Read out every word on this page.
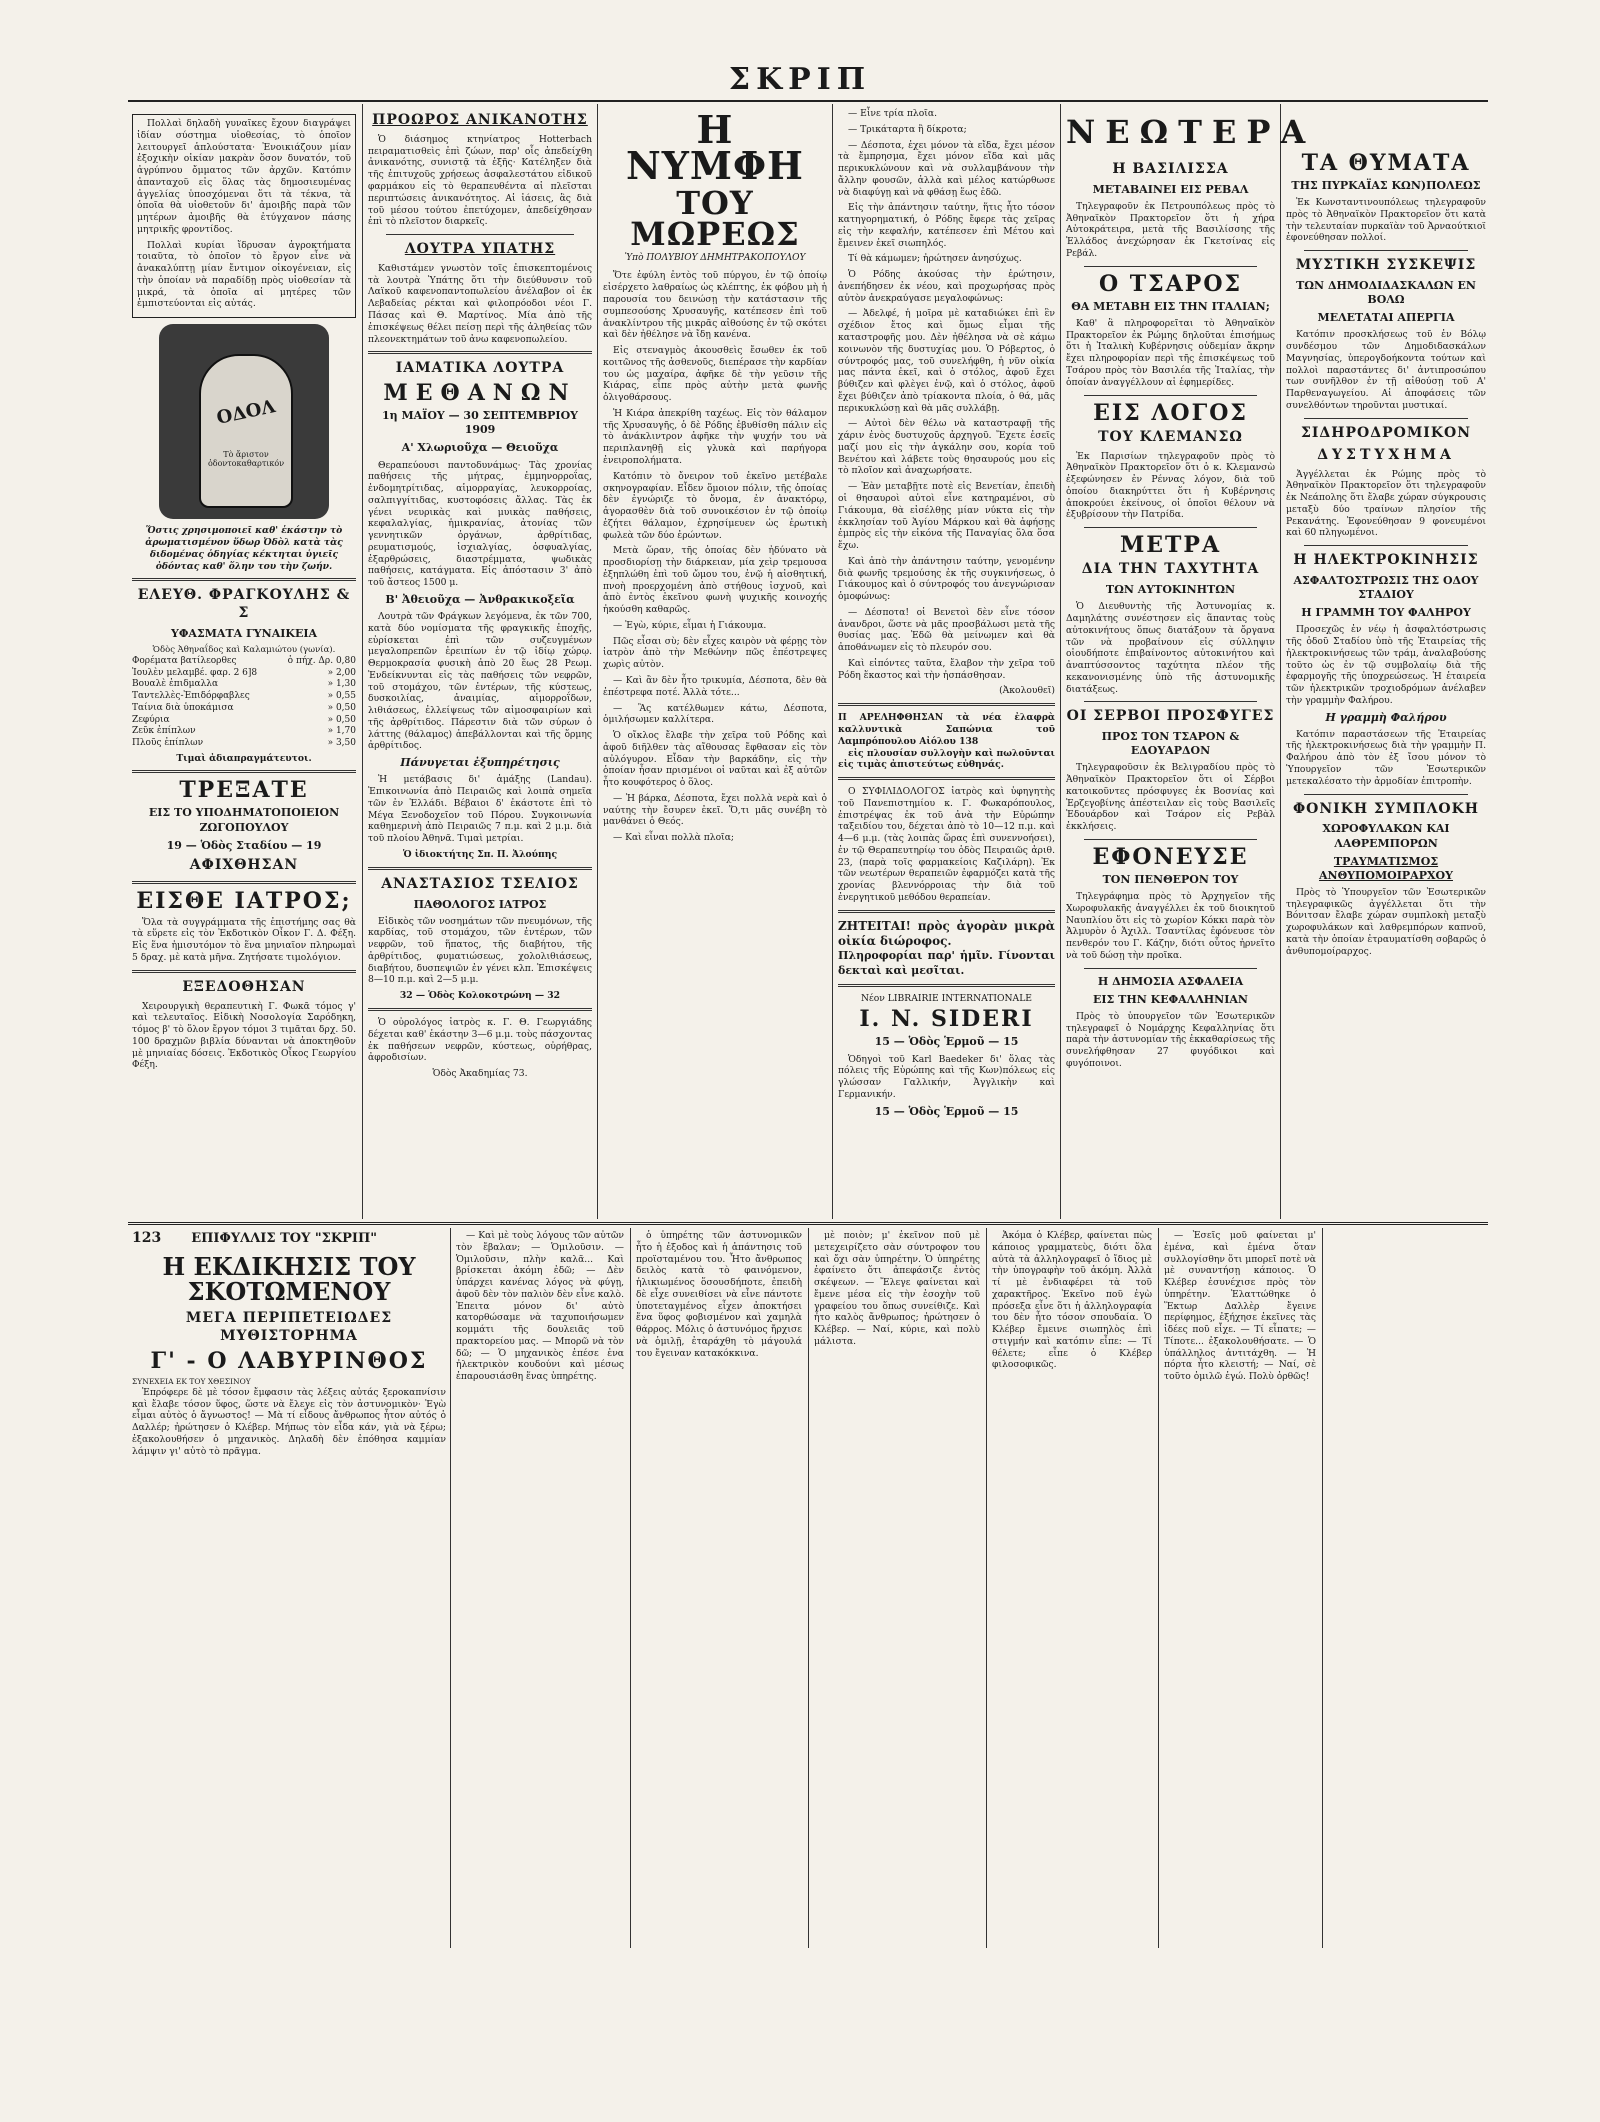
ΣΚΡΙΠ

Πολλαὶ δηλαδὴ γυναῖκες ἔχουν διαγράψει ἰδίαν σύστημα υἱοθεσίας, τὸ ὁποῖον λειτουργεῖ ἁπλούστατα· Ἐνοικιάζουν μίαν ἐξοχικὴν οἰκίαν μακρὰν ὅσον δυνατόν, τοῦ ἀγρύπνου ὄμματος τῶν ἀρχῶν. Κατόπιν ἀπανταχοῦ εἰς ὅλας τὰς δημοσιευμένας ἀγγελίας ὑποσχόμεναι ὅτι τὰ τέκνα, τὰ ὁποῖα θὰ υἱοθετοῦν δι' ἀμοιβῆς παρὰ τῶν μητέρων ἀμοιβῆς θὰ ἐτύγχανον πάσης μητρικῆς φροντίδος.

Πολλαὶ κυρίαι ἵδρυσαν ἀγροκτήματα τοιαῦτα, τὸ ὁποῖον τὸ ἔργον εἶνε νὰ ἀνακαλύπτῃ μίαν ἔντιμον οἰκογένειαν, εἰς τὴν ὁποίαν νὰ παραδίδῃ πρὸς υἱοθεσίαν τὰ μικρά, τὰ ὁποῖα αἱ μητέρες τῶν ἐμπιστεύονται εἰς αὐτάς.

ΟΔΟΛ
Τὸ ἄριστον ὀδοντοκαθαρτικόν

Ὅστις χρησιμοποιεῖ καθ' ἑκάστην τὸ ἀρωματισμένον ὕδωρ Ὀδὸλ κατὰ τὰς διδομένας ὁδηγίας κέκτηται ὑγιεῖς ὀδόντας καθ' ὅλην του τὴν ζωήν.

ΕΛΕΥΘ. ΦΡΑΓΚΟΥΛΗΣ & Σ
ΥΦΑΣΜΑΤΑ ΓΥΝΑΙΚΕΙΑ
Ὁδὸς Ἀθηναΐδος καὶ Καλαμιώτου (γωνία).
Φορέματα βατίλεορθες	ὁ πήχ. Δρ. 0,80
Ἰουλὲν μελαμβέ. φαρ. 2 6]8	» 2,00
Βουαλὲ ἐπιδμαλλα	» 1,30
Ταντελλὲς-Ἐπιδόρφαβλες	» 0,55
Ταίνια διὰ ὑποκάμισα	» 0,50
Ζεφύρια	» 0,50
Ζεῦκ ἐπίπλων	» 1,70
Πλοῦς ἐπίπλων	» 3,50
Τιμαὶ ἀδιαπραγμάτευτοι.
ΤΡΕΞΑΤΕ
ΕΙΣ ΤΟ ΥΠΟΔΗΜΑΤΟΠΟΙΕΙΟΝ ΖΩΓΟΠΟΥΛΟΥ
19 — Ὁδὸς Σταδίου — 19
ΑΦΙΧΘΗΣΑΝ
ΕΙΣΘΕ ΙΑΤΡΟΣ;

Ὅλα τὰ συγγράμματα τῆς ἐπιστήμης σας θὰ τὰ εὕρετε εἰς τὸν Ἐκδοτικὸν Οἶκον Γ. Δ. Φέξη. Εἰς ἕνα ἡμισυτόμον τὸ ἕνα μηνιαῖον πληρωμαὶ 5 δραχ. μὲ κατὰ μῆνα. Ζητήσατε τιμολόγιον.

ΕΞΕΔΟΘΗΣΑΝ

Χειρουργικὴ θεραπευτικὴ Γ. Φωκᾶ τόμος γ' καὶ τελευταῖος. Εἰδικὴ Νοσολογία Σαρόδηκη, τόμος β' τὸ ὅλον ἔργον τόμοι 3 τιμᾶται δρχ. 50. 100 δραχμῶν βιβλία δύνανται νὰ ἀποκτηθοῦν μὲ μηνιαίας δόσεις. Ἐκδοτικὸς Οἶκος Γεωργίου Φέξη.

ΠΡΟΩΡΟΣ ΑΝΙΚΑΝΟΤΗΣ

Ὁ διάσημος κτηνίατρος Hotterbach πειραματισθεὶς ἐπὶ ζώων, παρ' οἷς ἀπεδείχθη ἀνικανότης, συνιστᾷ τὰ ἑξῆς· Κατέληξεν διὰ τῆς ἐπιτυχοῦς χρήσεως ἀσφαλεστάτου εἰδικοῦ φαρμάκου εἰς τὸ θεραπευθέντα αἱ πλεῖσται περιπτώσεις ἀνικανότητος. Αἱ ἰάσεις, ἃς διὰ τοῦ μέσου τούτου ἐπετύχομεν, ἀπεδείχθησαν ἐπὶ τὸ πλεῖστον διαρκεῖς.

ΛΟΥΤΡΑ ΥΠΑΤΗΣ

Καθιστάμεν γνωστὸν τοῖς ἐπισκεπτομένοις τὰ λουτρὰ Ὑπάτης ὅτι τὴν διεύθυνσιν τοῦ Λαϊκοῦ καφενοπαντοπωλείου ἀνέλαβον οἱ ἐκ Λεβαδείας ρέκται καὶ φιλοπρόοδοι νέοι Γ. Πάσας καὶ Θ. Μαρτίνος. Μία ἀπὸ τῆς ἐπισκέψεως θέλει πείσῃ περὶ τῆς ἀληθείας τῶν πλεονεκτημάτων τοῦ ἀνω καφενοπωλείου.

ΙΑΜΑΤΙΚΑ ΛΟΥΤΡΑ
ΜΕΘΑΝΩΝ
1η ΜΑΪΟΥ — 30 ΣΕΠΤΕΜΒΡΙΟΥ 1909
Α' Χλωριοῦχα — Θειοῦχα

Θεραπεύουσι παντοδυνάμως· Τὰς χρονίας παθήσεις τῆς μήτρας, ἐμμηνορροΐας, ἐνδομητρίτιδας, αἱμορραγίας, λευκορροίας, σαλπιγγίτιδας, κυστοφόσεις ἄλλας. Τὰς ἐκ γένει νευρικὰς καὶ μυικὰς παθήσεις, κεφαλαλγίας, ἡμικρανίας, ἀτονίας τῶν γεννητικῶν ὀργάνων, ἀρθρίτιδας, ρευματισμούς, ἰσχιαλγίας, ὀσφυαλγίας, ἐξαρθρώσεις, διαστρέμματα, ψωδικὰς παθήσεις, κατάγματα. Εἰς ἀπόστασιν 3' ἀπὸ τοῦ ἄστεος 1500 μ.

Β' Ἀθειοῦχα — Ἀνθρακικοξεῖα

Λουτρὰ τῶν Φράγκων λεγόμενα, ἐκ τῶν 700, κατὰ δύο νομίσματα τῆς φραγκικῆς ἐποχῆς, εὑρίσκεται ἐπὶ τῶν συζευγμένων μεγαλοπρεπῶν ἐρειπίων ἐν τῷ ἰδίῳ χώρῳ. Θερμοκρασία φυσικὴ ἀπὸ 20 ἕως 28 Ρεωμ. Ἐνδείκνυνται εἰς τὰς παθήσεις τῶν νεφρῶν, τοῦ στομάχου, τῶν ἐντέρων, τῆς κύστεως, δυσκοιλίας, ἀναιμίας, αἱμορροΐδων, λιθιάσεως, ἐλλείψεως τῶν αἱμοσφαιρίων καὶ τῆς ἀρθρίτιδος. Πάρεστιν διὰ τῶν σύρων ὁ λάττης (θάλαμος) ἀπεβάλλονται καὶ τῆς ὅρμης ἀρθρίτιδος.

Πάνυγεται ἐξυπηρέτησις

Ἡ μετάβασις δι' ἁμάξης (Landau). Ἐπικοινωνία ἀπὸ Πειραιῶς καὶ λοιπὰ σημεῖα τῶν ἐν Ἑλλάδι. Βέβαιοι δ' ἐκάστοτε ἐπὶ τὸ Μέγα Ξενοδοχεῖον τοῦ Πόρου. Συγκοινωνία καθημερινὴ ἀπὸ Πειραιῶς 7 π.μ. καὶ 2 μ.μ. διὰ τοῦ πλοίου Ἀθηνᾶ. Τιμαὶ μετρίαι.

Ὁ ἰδιοκτήτης Σπ. Π. Ἀλούπης
ΑΝΑΣΤΑΣΙΟΣ ΤΣΕΛΙΟΣ
ΠΑΘΟΛΟΓΟΣ ΙΑΤΡΟΣ

Εἰδικὸς τῶν νοσημάτων τῶν πνευμόνων, τῆς καρδίας, τοῦ στομάχου, τῶν ἐντέρων, τῶν νεφρῶν, τοῦ ἥπατος, τῆς διαβήτου, τῆς ἀρθρίτιδος, φυματιώσεως, χολολιθιάσεως, διαβήτου, δυσπεψιῶν ἐν γένει κλπ. Ἐπισκέψεις 8—10 π.μ. καὶ 2—5 μ.μ.

32 — Ὁδὸς Κολοκοτρώνη — 32

Ὁ οὐρολόγος ἰατρὸς κ. Γ. Θ. Γεωργιάδης δέχεται καθ' ἑκάστην 3—6 μ.μ. τοὺς πάσχοντας ἐκ παθήσεων νεφρῶν, κύστεως, οὐρήθρας, ἀφροδισίων.

Ὁδὸς Ἀκαδημίας 73.
Η ΝΥΜΦΗ
ΤΟΥ ΜΩΡΕΩΣ
Ὑπὸ ΠΟΛΥΒΙΟΥ ΔΗΜΗΤΡΑΚΟΠΟΥΛΟΥ

Ὅτε ἐφύλη ἐντὸς τοῦ πύργου, ἐν τῷ ὁποίῳ εἰσέρχετο λαθραίως ὡς κλέπτης, ἐκ φόβου μὴ ἡ παρουσία του δεινώσῃ τὴν κατάστασιν τῆς συμπεσούσης Χρυσαυγῆς, κατέπεσεν ἐπὶ τοῦ ἀνακλίντρου τῆς μικρᾶς αἰθούσης ἐν τῷ σκότει καὶ δὲν ἠθέλησε νὰ ἴδῃ κανένα.

Εἰς στεναγμὸς ἀκουσθεὶς ἔσωθεν ἐκ τοῦ κοιτῶνος τῆς ἀσθενοῦς, διεπέρασε τὴν καρδίαν του ὡς μαχαίρα, ἀφῆκε δὲ τὴν γεῦσιν τῆς Κιάρας, εἶπε πρὸς αὐτὴν μετὰ φωνῆς ὀλιγοθάρσους.

Ἡ Κιάρα ἀπεκρίθη ταχέως. Εἰς τὸν θάλαμον τῆς Χρυσαυγῆς, ὁ δὲ Ρόδης ἐβυθίσθη πάλιν εἰς τὸ ἀνάκλιντρον ἀφῆκε τὴν ψυχήν του νὰ περιπλανηθῇ εἰς γλυκὰ καὶ παρήγορα ἐνειροπολήματα.

Κατόπιν τὸ ὄνειρον τοῦ ἐκεῖνο μετέβαλε σκηνογραφίαν. Εἶδεν ὅμοιον πόλιν, τῆς ὁποίας δὲν ἐγνώριζε τὸ ὄνομα, ἐν ἀνακτόρῳ, ἀγορασθὲν διὰ τοῦ συνοικέσιον ἐν τῷ ὁποίῳ ἐζήτει θάλαμον, ἐχρησίμευεν ὡς ἐρωτικὴ φωλεὰ τῶν δύο ἐρώντων.

Μετὰ ὥραν, τῆς ὁποίας δὲν ἠδύνατο νὰ προσδιορίσῃ τὴν διάρκειαν, μία χεὶρ τρεμουσα ἐξηπλώθη ἐπὶ τοῦ ὤμου του, ἐνῷ ἡ αἰσθητική, πνοὴ προερχομένη ἀπὸ στήθους ἰσχνοῦ, καὶ ἀπὸ ἐντὸς ἐκεῖνου φωνὴ ψυχικῆς κοινοχής ἠκούσθη καθαρῶς.

— Ἐγὼ, κύριε, εἶμαι ἡ Γιάκουμα.

Πῶς εἶσαι σὺ; δὲν εἶχες καιρὸν νὰ φέρῃς τὸν ἰατρὸν ἀπὸ τὴν Μεθώνην πῶς ἐπέστρεψες χωρὶς αὐτὸν.

— Καὶ ἂν δὲν ἦτο τρικυμία, Δέσποτα, δὲν θὰ ἐπέστρεφα ποτέ. Ἀλλὰ τότε...

— Ἂς κατέλθωμεν κάτω, Δέσποτα, ὁμιλήσωμεν καλλίτερα.

Ὁ οἴκλος ἔλαβε τὴν χεῖρα τοῦ Ρόδης καὶ ἀφοῦ διῆλθεν τὰς αἴθουσας ἔφθασαν εἰς τὸν αὐλόγυρον. Εἶδαν τὴν βαρκάδην, εἰς τὴν ὁποίαν ἦσαν πρισμένοι οἱ ναῦται καὶ ἐξ αὐτῶν ἦτο κουφότερος ὁ ὅλος.

— Ἡ βάρκα, Δέσποτα, ἔχει πολλὰ νερὰ καὶ ὁ ναύτης τὴν ἔσυρεν ἐκεῖ. Ὅ,τι μᾶς συνέβη τὸ μανθάνει ὁ Θεός.

— Καὶ εἶναι πολλὰ πλοῖα;

— Εἶνε τρία πλοῖα.

— Τρικάταρτα ἢ δίκροτα;

— Δέσποτα, ἐχει μόνον τὰ εἴδα, ἔχει μέσον τὰ ἔμπρησμα, ἔχει μόνον εἴδα καὶ μᾶς περικυκλώνουν καὶ νὰ συλλαμβάνουν τὴν ἄλλην φουσῶν, ἀλλὰ καὶ μέλος κατώρθωσε νὰ διαφύγῃ καὶ νὰ φθάσῃ ἕως ἐδῶ.

Εἰς τὴν ἀπάντησιν ταύτην, ἥτις ἦτο τόσον κατηγορηματική, ὁ Ρόδης ἔφερε τὰς χεῖρας εἰς τὴν κεφαλήν, κατέπεσεν ἐπὶ Μέτου καὶ ἔμεινεν ἐκεῖ σιωπηλός.

Τί θὰ κάμωμεν; ἠρώτησεν ἀνησύχως.

Ὁ Ρόδης ἀκούσας τὴν ἐρώτησιν, ἀνεπήδησεν ἐκ νέου, καὶ προχωρήσας πρὸς αὐτὸν ἀνεκραύγασε μεγαλοφώνως:

— Ἀδελφέ, ἡ μοῖρα μὲ καταδιώκει ἐπὶ ἓν σχέδιον ἔτος καὶ ὅμως εἶμαι τῆς καταστροφῆς μου. Δὲν ἠθέλησα νὰ σὲ κάμω κοινωνὸν τῆς δυστυχίας μου. Ὁ Ρόβερτος, ὁ σύντροφός μας, τοῦ συνελήφθη, ἡ νῦν οἰκία μας πάντα ἐκεῖ, καὶ ὁ στόλος, ἀφοῦ ἔχει βύθιζεν καὶ φλὲγει ἐνῷ, καὶ ὁ στόλος, ἀφοῦ ἔχει βύθιζεν ἀπὸ τρίακοντα πλοία, ὁ θά, μᾶς περικυκλώσῃ καὶ θὰ μᾶς συλλάβῃ.

— Αὐτοὶ δὲν θέλω νὰ καταστραφῇ τῆς χάριν ἐνὸς δυστυχοῦς ἀρχηγοῦ. Ἔχετε ἐσεῖς μαζί μου εἰς τὴν ἀγκάλην σου, κορία τοῦ Βενέτου καὶ λάβετε τοὺς θησαυρούς μου εἰς τὸ πλοῖον καὶ ἀναχωρήσατε.

— Ἐὰν μεταβῇτε ποτὲ εἰς Βενετίαν, ἐπειδὴ οἱ θησαυροὶ αὐτοὶ εἶνε κατηραμένοι, σὺ Γιάκουμα, θὰ εἰσέλθῃς μίαν νύκτα εἰς τὴν ἐκκλησίαν τοῦ Ἁγίου Μάρκου καὶ θὰ ἀφήσῃς ἐμπρὸς εἰς τὴν εἰκόνα τῆς Παναγίας ὅλα ὅσα ἔχω.

Καὶ ἀπὸ τὴν ἀπάντησιν ταύτην, γενομένην διὰ φωνῆς τρεμούσης ἐκ τῆς συγκινήσεως, ὁ Γιάκουμος καὶ ὁ σύντροφός του ἀνεγνώρισαν ὁμοφώνως:

— Δέσποτα! οἱ Βενετοὶ δὲν εἶνε τόσον ἀνανδροι, ὥστε νὰ μᾶς προσβάλωσι μετὰ τῆς θυσίας μας. Ἐδῶ θὰ μείνωμεν καὶ θὰ ἀποθάνωμεν εἰς τὸ πλευρόν σου.

Καὶ εἰπόντες ταῦτα, ἔλαβον τὴν χεῖρα τοῦ Ρόδη ἕκαστος καὶ τὴν ἠσπάσθησαν.

(Ἀκολουθεῖ)
Π ΑΡΕΛΗΦΘΗΣΑΝ τὰ νέα ἐλαφρὰ καλλυντικὰ Σαπώνια τοῦ Λαμπρόπουλου Αἰόλου 138

εἰς πλουσίαν συλλογὴν καὶ πωλοῦνται εἰς τιμὰς ἀπιστεύτως εὐθηνάς.

Ο ΣΥΦΙΛΙΔΟΛΟΓΟΣ ἰατρὸς καὶ ὑφηγητὴς τοῦ Πανεπιστημίου κ. Γ. Φωκαρόπουλος, ἐπιστρέψας ἐκ τοῦ ἀνὰ τὴν Εὐρώπην ταξειδίου του, δέχεται ἀπὸ τὸ 10—12 π.μ. καὶ 4—6 μ.μ. (τὰς λοιπὰς ὥρας ἐπὶ συνεννοήσει), ἐν τῷ Θεραπευτηρίῳ του ὁδὸς Πειραιῶς ἀριθ. 23, (παρὰ τοῖς φαρμακείοις Καζιλάρη). Ἐκ τῶν νεωτέρων θεραπειῶν ἐφαρμόζει κατὰ τῆς χρονίας βλεννόρροιας τὴν διὰ τοῦ ἐνεργητικοῦ μεθόδου θεραπείαν.

ΖΗΤΕΙΤΑΙ! πρὸς ἀγορὰν μικρὰ οἰκία διώροφος.
Πληροφορίαι παρ' ἡμῖν. Γίνονται δεκταὶ καὶ μεσῖται.
Νέον LIBRAIRIE INTERNATIONALE
I. N. SIDERI
15 — Ὁδὸς Ἑρμοῦ — 15

Ὁδηγοὶ τοῦ Karl Baedeker δι' ὅλας τὰς πόλεις τῆς Εὐρώπης καὶ τῆς Κων)πόλεως εἰς γλώσσαν Γαλλικήν, Ἀγγλικὴν καὶ Γερμανικήν.

15 — Ὁδὸς Ἑρμοῦ — 15
ΝΕΩΤΕΡΑ
Η ΒΑΣΙΛΙΣΣΑ
ΜΕΤΑΒΑΙΝΕΙ ΕΙΣ ΡΕΒΑΛ

Τηλεγραφοῦν ἐκ Πετρουπόλεως πρὸς τὸ Ἀθηναϊκὸν Πρακτορεῖον ὅτι ἡ χήρα Αὐτοκράτειρα, μετὰ τῆς Βασιλίσσης τῆς Ἑλλάδος ἀνεχώρησαν ἐκ Γκετσίνας εἰς Ρεβάλ.

Ο ΤΣΑΡΟΣ
ΘΑ ΜΕΤΑΒΗ ΕΙΣ ΤΗΝ ΙΤΑΛΙΑΝ;

Καθ' ἃ πληροφορεῖται τὸ Ἀθηναϊκὸν Πρακτορεῖον ἐκ Ρώμης δηλοῦται ἐπισήμως ὅτι ἡ Ἰταλικὴ Κυβέρνησις οὐδεμίαν ἄκρην ἔχει πληροφορίαν περὶ τῆς ἐπισκέψεως τοῦ Τσάρου πρὸς τὸν Βασιλέα τῆς Ἰταλίας, τὴν ὁποίαν ἀναγγέλλουν αἱ ἐφημερίδες.

ΕΙΣ ΛΟΓΟΣ
ΤΟΥ ΚΛΕΜΑΝΣΩ

Ἐκ Παρισίων τηλεγραφοῦν πρὸς τὸ Ἀθηναϊκὸν Πρακτορεῖον ὅτι ὁ κ. Κλεμανσὼ ἐξεφώνησεν ἐν Ρέννας λόγον, διὰ τοῦ ὁποίου διακηρύττει ὅτι ἡ Κυβέρνησις ἀποκρούει ἐκείνους, οἱ ὁποῖοι θέλουν νὰ ἐξυβρίσουν τὴν Πατρίδα.

ΜΕΤΡΑ
ΔΙΑ ΤΗΝ ΤΑΧΥΤΗΤΑ
ΤΩΝ ΑΥΤΟΚΙΝΗΤΩΝ

Ὁ Διευθυντὴς τῆς Ἀστυνομίας κ. Δαμηλάτης συνέστησεν εἰς ἅπαντας τοὺς αὐτοκινήτους ὅπως διατάξουν τὰ ὄργανα τῶν νὰ προβαίνουν εἰς σύλληψιν οἱουδήποτε ἐπιβαίνοντος αὐτοκινήτου καὶ ἀναπτύσσοντος ταχύτητα πλέον τῆς κεκανονισμένης ὑπὸ τῆς ἀστυνομικῆς διατάξεως.

ΟΙ ΣΕΡΒΟΙ ΠΡΟΣΦΥΓΕΣ
ΠΡΟΣ ΤΟΝ ΤΣΑΡΟΝ & ΕΔΟΥΑΡΔΟΝ

Τηλεγραφοῦσιν ἐκ Βελιγραδίου πρὸς τὸ Ἀθηναϊκὸν Πρακτορεῖον ὅτι οἱ Σέρβοι κατοικοῦντες πρόσφυγες ἐκ Βοσνίας καὶ Ἐρζεγοβίνης ἀπέστειλαν εἰς τοὺς Βασιλεῖς Ἐδουάρδον καὶ Τσάρον εἰς Ρεβὰλ ἐκκλήσεις.

ΕΦΟΝΕΥΣΕ
ΤΟΝ ΠΕΝΘΕΡΟΝ ΤΟΥ

Τηλεγράφημα πρὸς τὸ Ἀρχηγεῖον τῆς Χωροφυλακῆς ἀναγγέλλει ἐκ τοῦ διοικητοῦ Ναυπλίου ὅτι εἰς τὸ χωρίον Κόκκι παρὰ τὸν Ἀλμυρὸν ὁ Ἀχιλλ. Τσαντίλας ἐφόνευσε τὸν πενθερόν του Γ. Κάζην, διότι οὗτος ἠρνεῖτο νὰ τοῦ δώσῃ τὴν προῖκα.

Η ΔΗΜΟΣΙΑ ΑΣΦΑΛΕΙΑ
ΕΙΣ ΤΗΝ ΚΕΦΑΛΛΗΝΙΑΝ

Πρὸς τὸ ὑπουργεῖον τῶν Ἐσωτερικῶν τηλεγραφεῖ ὁ Νομάρχης Κεφαλληνίας ὅτι παρὰ τὴν ἀστυνομίαν τῆς ἐκκαθαρίσεως τῆς συνελήφθησαν 27 φυγόδικοι καὶ φυγόποινοι.

ΤΑ ΘΥΜΑΤΑ
ΤΗΣ ΠΥΡΚΑΪΑΣ ΚΩΝ)ΠΟΛΕΩΣ

Ἐκ Κωνσταντινουπόλεως τηλεγραφοῦν πρὸς τὸ Ἀθηναϊκὸν Πρακτορεῖον ὅτι κατὰ τὴν τελευταίαν πυρκαϊὰν τοῦ Ἀρναούτκιοϊ ἐφονεύθησαν πολλοί.

ΜΥΣΤΙΚΗ ΣΥΣΚΕΨΙΣ
ΤΩΝ ΔΗΜΟΔΙΔΑΣΚΑΛΩΝ ΕΝ ΒΟΛΩ
ΜΕΛΕΤΑΤΑΙ ΑΠΕΡΓΙΑ

Κατόπιν προσκλήσεως τοῦ ἐν Βόλῳ συνδέσμου τῶν Δημοδιδασκάλων Μαγνησίας, ὑπερογδοήκοντα τούτων καὶ πολλοὶ παραστάντες δι' ἀντιπροσώπου των συνῆλθον ἐν τῇ αἰθούσῃ τοῦ Α' Παρθεναγωγείου. Αἱ ἀποφάσεις τῶν συνελθόντων τηροῦνται μυστικαί.

ΣΙΔΗΡΟΔΡΟΜΙΚΟΝ
ΔΥΣΤΥΧΗΜΑ

Ἀγγέλλεται ἐκ Ρώμης πρὸς τὸ Ἀθηναϊκὸν Πρακτορεῖον ὅτι τηλεγραφοῦν ἐκ Νεάπολης ὅτι ἔλαβε χώραν σύγκρουσις μεταξὺ δύο τραίνων πλησίον τῆς Ρεκανάτης. Ἐφονεύθησαν 9 φονευμένοι καὶ 60 πληγωμένοι.

Η ΗΛΕΚΤΡΟΚΙΝΗΣΙΣ
ΑΣΦΑΛΤΟΣΤΡΩΣΙΣ ΤΗΣ ΟΔΟΥ ΣΤΑΔΙΟΥ
Η ΓΡΑΜΜΗ ΤΟΥ ΦΑΛΗΡΟΥ

Προσεχῶς ἐν νέῳ ἡ ἀσφαλτόστρωσις τῆς ὁδοῦ Σταδίου ὑπὸ τῆς Ἑταιρείας τῆς ἠλεκτροκινήσεως τῶν τράμ, ἀναλαβούσης τοῦτο ὡς ἐν τῷ συμβολαίῳ διὰ τῆς ἐφαρμογῆς τῆς ὑποχρεώσεως. Ἡ ἑταιρεία τῶν ἠλεκτρικῶν τροχιοδρόμων ἀνέλαβεν τὴν γραμμὴν Φαλήρου.

Η γραμμὴ Φαλήρου

Κατόπιν παραστάσεων τῆς Ἑταιρείας τῆς ἠλεκτροκινήσεως διὰ τὴν γραμμὴν Π. Φαλήρου ἀπὸ τὸν ἐξ ἴσου μόνον τὸ Ὑπουργεῖον τῶν Ἐσωτερικῶν μετεκαλέσατο τὴν ἀρμοδίαν ἐπιτροπὴν.

ΦΟΝΙΚΗ ΣΥΜΠΛΟΚΗ
ΧΩΡΟΦΥΛΑΚΩΝ ΚΑΙ ΛΑΘΡΕΜΠΟΡΩΝ
ΤΡΑΥΜΑΤΙΣΜΟΣ ΑΝΘΥΠΟΜΟΙΡΑΡΧΟΥ

Πρὸς τὸ Ὑπουργεῖον τῶν Ἐσωτερικῶν τηλεγραφικῶς ἀγγέλλεται ὅτι τὴν Βόνιτσαν ἔλαβε χώραν συμπλοκὴ μεταξὺ χωροφυλάκων καὶ λαθρεμπόρων καπνοῦ, κατὰ τὴν ὁποίαν ἐτραυματίσθη σοβαρῶς ὁ ἀνθυπομοίραρχος.

123 ΕΠΙΦΥΛΛΙΣ ΤΟΥ "ΣΚΡΙΠ"
Η ΕΚΔΙΚΗΣΙΣ ΤΟΥ ΣΚΟΤΩΜΕΝΟΥ
ΜΕΓΑ ΠΕΡΙΠΕΤΕΙΩΔΕΣ ΜΥΘΙΣΤΟΡΗΜΑ
Γ' - Ο ΛΑΒΥΡΙΝΘΟΣ
ΣΥΝΕΧΕΙΑ ΕΚ ΤΟΥ ΧΘΕΣΙΝΟΥ

Ἐπρόφερε δὲ μὲ τόσον ἔμφασιν τὰς λέξεις αὐτάς ξεροκαπνίσιν καὶ ἔλαβε τόσον ὕφος, ὥστε νὰ ἔλεγε εἰς τὸν ἀστυνομικὸν· Ἐγὼ εἶμαι αὐτὸς ὁ ἄγνωστος! — Μὰ τί εἶδους ἄνθρωπος ἦτον αὐτός ὁ Δαλλέρ; ἠρώτησεν ὁ Κλέβερ. Μήπως τὸν εἶδα κάν, γιὰ νὰ ξέρω; ἐξακολουθήσεν ὁ μηχανικὸς. Δηλαδὴ δὲν ἐπόθησα καμμίαν λάμψιν γι' αὐτὸ τὸ πρᾶγμα.

— Καὶ μὲ τοὺς λόγους τῶν αὐτῶν τὸν ἔβαλαν; — Ὁμιλοῦσιν. — Ὁμιλοῦσιν, πλὴν καλᾶ... Καὶ βρίσκεται ἀκόμη ἐδῶ; — Δὲν ὑπάρχει κανένας λόγος νὰ φύγῃ, ἀφοῦ δὲν τὸν παλιὸν δὲν εἶνε καλὸ. Ἐπειτα μόνον δι' αὐτὸ κατορθώσαμε νὰ ταχυποιήσωμεν κομμάτι τῆς δουλειᾶς τοῦ πρακτορείου μας. — Μπορῶ νὰ τὸν δῶ; — Ὁ μηχανικὸς ἐπέσε ἐνα ἠλεκτρικὸν κουδούνι καὶ μέσως ἐπαρουσιάσθη ἕνας ὑπηρέτης.

ὁ ὑπηρέτης τῶν ἀστυνομικῶν ἦτο ἡ ἐξοδος καὶ ἡ ἀπάντησις τοῦ προϊσταμένου του. Ἦτο ἄνθρωπος δειλὸς κατὰ τὸ φαινόμενον, ἡλικιωμένος ὅσουσδήποτε, ἐπειδὴ δὲ εἶχε συνειθίσει νὰ εἶνε πάντοτε ὑποτεταγμένος εἶχεν ἀποκτήσει ἕνα ὕφος φοβισμένον καὶ χαμηλὰ θάρρος. Μόλις ὁ ἀστυνόμος ἤρχισε νὰ ὁμιλῇ, ἐταράχθη τὸ μάγουλά του ἔγειναν κατακόκκινα.

μὲ ποιὸν; μ' ἐκεῖνον ποῦ μὲ μετεχειρίζετο σὰν σύντροφον του καὶ ὄχι σὰν ὑπηρέτην. Ὁ ὑπηρέτης ἐφαίνετο ὅτι ἀπεφάσιζε ἐντὸς σκέψεων. — Ἔλεγε φαίνεται καὶ ἔμενε μέσα εἰς τὴν ἐσοχὴν τοῦ γραφείου του ὅπως συνείθιζε. Καὶ ἦτο καλὸς ἄνθρωπος; ἠρώτησεν ὁ Κλέβερ. — Ναί, κύριε, καὶ πολὺ μάλιστα.

Ἀκόμα ὁ Κλέβερ, φαίνεται πὼς κάποιος γραμματεὺς, διότι ὅλα αὐτὰ τὰ ἀλληλογραφεῖ ὁ ἴδιος μὲ τὴν ὑπογραφὴν τοῦ ἀκόμη. Ἀλλὰ τί μὲ ἐνδιαφέρει τὰ τοῦ χαρακτῆρος. Ἐκεῖνο ποῦ ἐγὼ πρόσεξα εἶνε ὅτι ἡ ἀλληλογραφία του δὲν ἦτο τόσον σπουδαία. Ὁ Κλέβερ ἔμεινε σιωπηλὸς ἐπὶ στιγμήν καὶ κατόπιν εἶπε: — Τί θέλετε; εἶπε ὁ Κλέβερ φιλοσοφικῶς.

— Ἐσεῖς μοῦ φαίνεται μ' ἐμένα, καὶ ἐμένα ὅταν συλλογίσθην ὅτι μπορεῖ ποτὲ νὰ μὲ συναντήσῃ κάποιος. Ὁ Κλέβερ ἐσυνέχισε πρὸς τὸν ὑπηρέτην. Ἐλαττώθηκε ὁ Ἕκτωρ Δαλλὲρ ἔγεινε περίφημος, ἐξήχησε ἐκεῖνες τὰς ἰδέες ποῦ εἶχε. — Τί εἶπατε; — Τίποτε... ἐξακολουθήσατε. — Ὁ ὑπάλληλος ἀντιτάχθη. — Ἡ πόρτα ἦτο κλειστή; — Ναί, σὲ τοῦτο ὁμιλῶ ἐγώ. Πολὺ ὀρθῶς!
